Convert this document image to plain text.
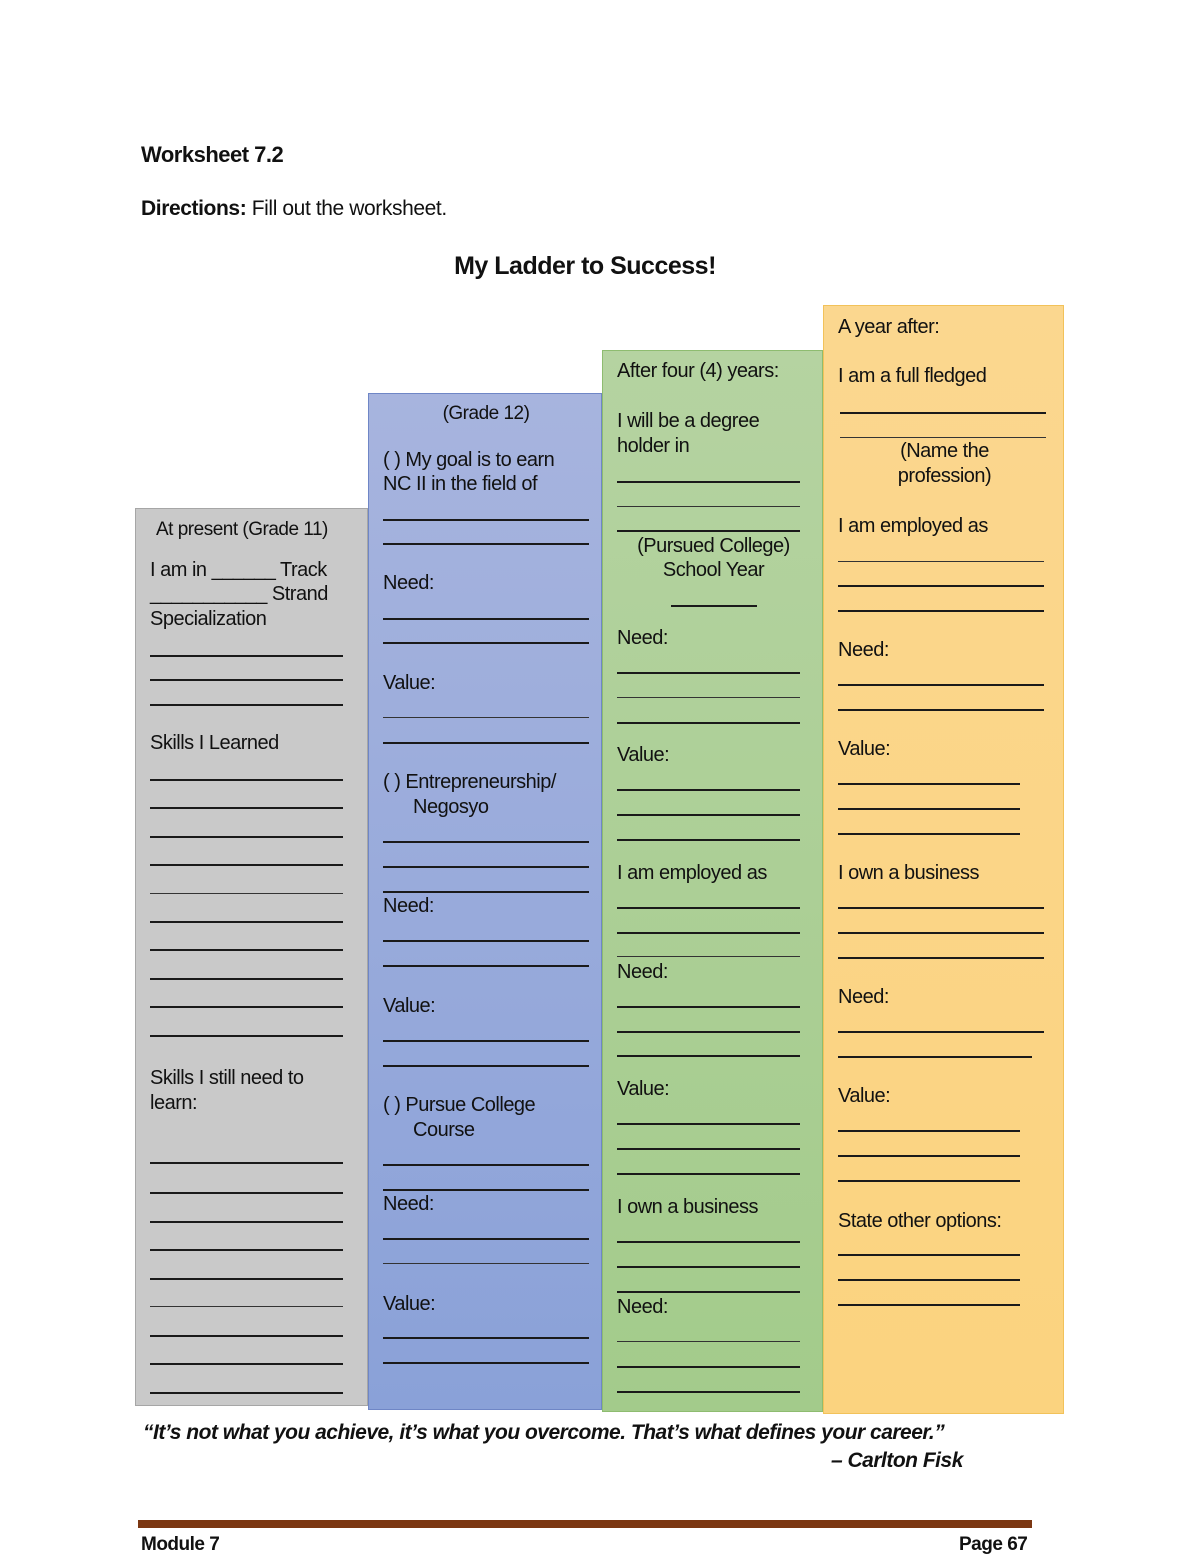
Worksheet 7.2
Directions: Fill out the worksheet.
My Ladder to Success!
At present (Grade 11)
I am in ______ Track
___________ Strand
Specialization
Skills I Learned
Skills I still need to
learn:
(Grade 12)
( ) My goal is to earn
NC II in the field of
Need:
Value:
( ) Entrepreneurship/
Negosyo
Need:
Value:
( ) Pursue College
Course
Need:
Value:
After four (4) years:
I will be a degree
holder in
(Pursued College)
School Year
Need:
Value:
I am employed as
Need:
Value:
I own a business
Need:
A year after:
I am a full fledged
(Name the
profession)
I am employed as
Need:
Value:
I own a business
Need:
Value:
State other options:
“It’s not what you achieve, it’s what you overcome. That’s what defines your career.”
– Carlton Fisk
Module 7	Page 67
